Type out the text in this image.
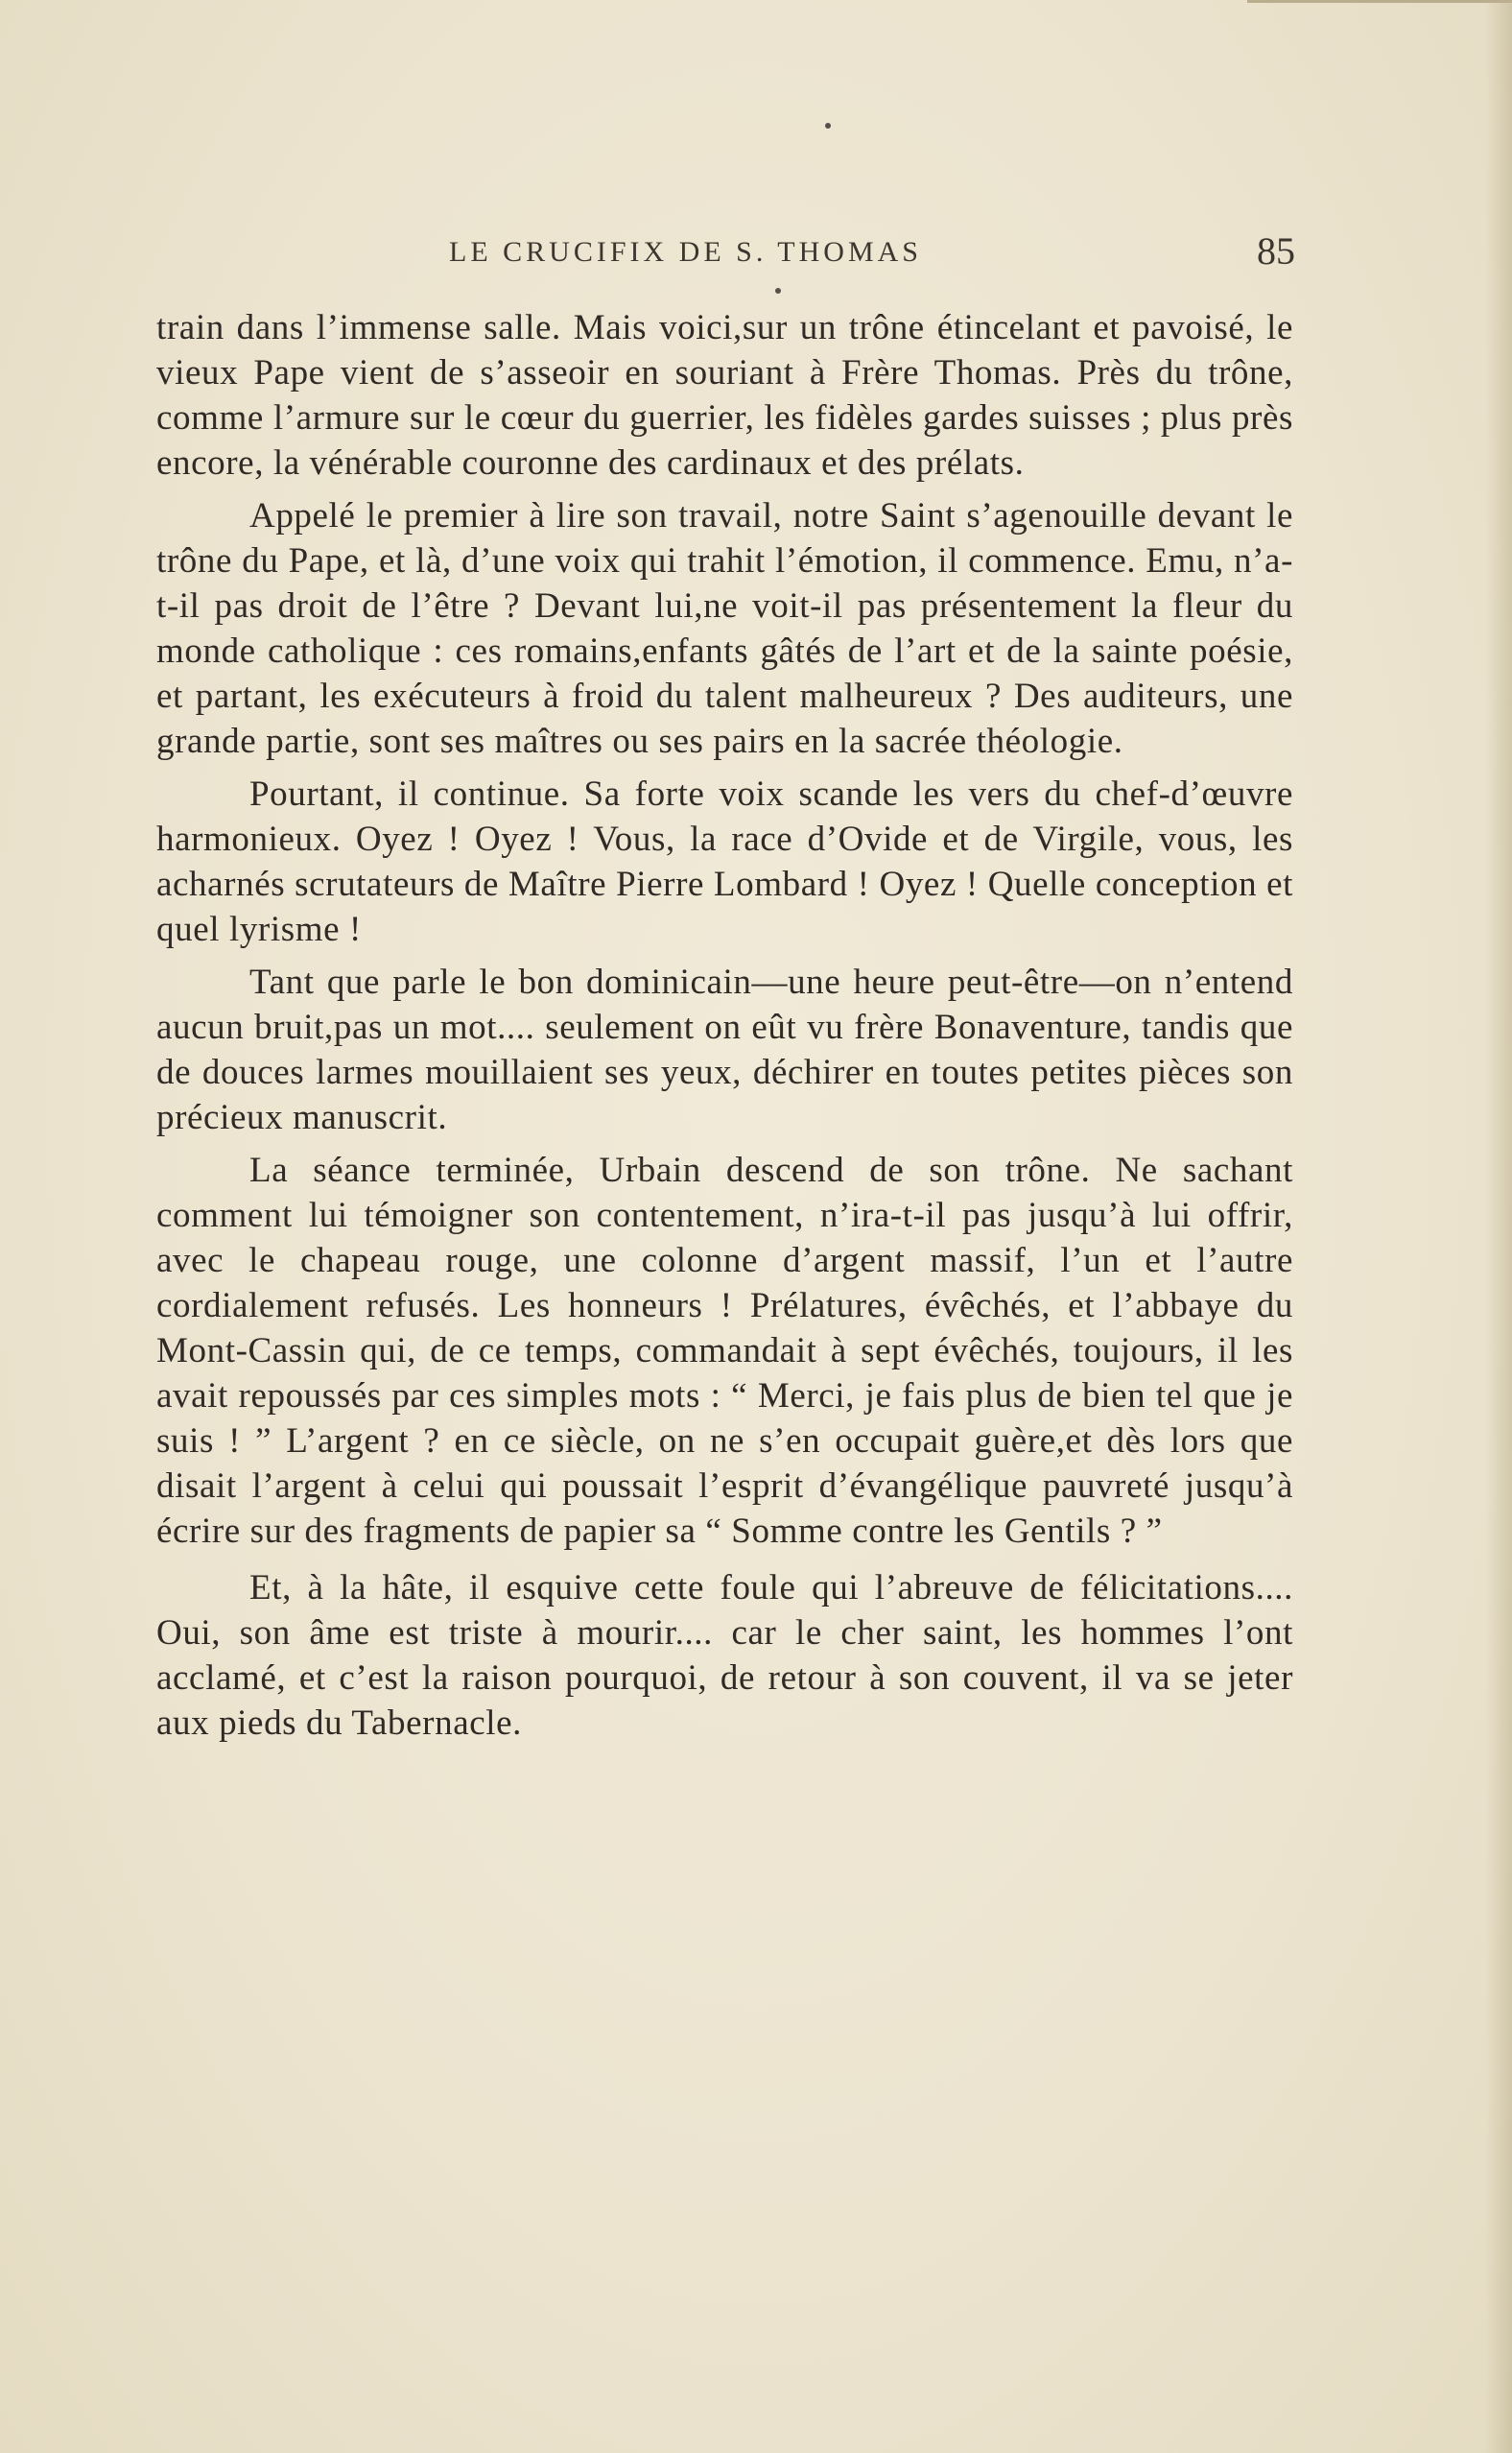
LE CRUCIFIX DE S. THOMAS	85

train dans l’immense salle. Mais voici,sur un trône étincelant et pavoisé, le vieux Pape vient de s’asseoir en souriant à Frère Thomas. Près du trône, comme l’armure sur le cœur du guerrier, les fidèles gardes suisses ; plus près encore, la vénérable couronne des cardinaux et des prélats.

Appelé le premier à lire son travail, notre Saint s’agenouille devant le trône du Pape, et là, d’une voix qui trahit l’émotion, il commence. Emu, n’a-t-il pas droit de l’être ? Devant lui,ne voit-il pas présentement la fleur du monde catholique : ces romains,enfants gâtés de l’art et de la sainte poésie, et partant, les exécuteurs à froid du talent malheureux ? Des auditeurs, une grande partie, sont ses maîtres ou ses pairs en la sacrée théologie.

Pourtant, il continue. Sa forte voix scande les vers du chef-d’œuvre harmonieux. Oyez ! Oyez ! Vous, la race d’Ovide et de Virgile, vous, les acharnés scrutateurs de Maître Pierre Lombard ! Oyez ! Quelle conception et quel lyrisme !

Tant que parle le bon dominicain—une heure peut-être—on n’entend aucun bruit,pas un mot.... seulement on eût vu frère Bonaventure, tandis que de douces larmes mouillaient ses yeux, déchirer en toutes petites pièces son précieux manuscrit.

La séance terminée, Urbain descend de son trône. Ne sachant comment lui témoigner son contentement, n’ira-t-il pas jusqu’à lui offrir, avec le chapeau rouge, une colonne d’argent massif, l’un et l’autre cordialement refusés. Les honneurs ! Prélatures, évêchés, et l’abbaye du Mont-Cassin qui, de ce temps, commandait à sept évêchés, toujours, il les avait repoussés par ces simples mots : “ Merci, je fais plus de bien tel que je suis ! ” L’argent ? en ce siècle, on ne s’en occupait guère,et dès lors que disait l’argent à celui qui poussait l’esprit d’évangélique pauvreté jusqu’à écrire sur des fragments de papier sa “ Somme contre les Gentils ? ”

Et, à la hâte, il esquive cette foule qui l’abreuve de félicitations.... Oui, son âme est triste à mourir.... car le cher saint, les hommes l’ont acclamé, et c’est la raison pourquoi, de retour à son couvent, il va se jeter aux pieds du Tabernacle.
